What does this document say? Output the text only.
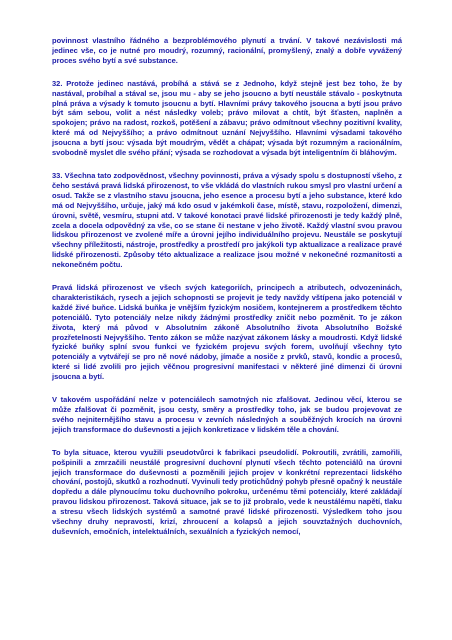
povinnost vlastního řádného a bezproblémového plynutí a trvání. V takové nezávislosti má jedinec vše, co je nutné pro moudrý, rozumný, racionální, promyšlený, znalý a dobře vyvážený proces svého bytí a své substance.

32. Protože jedinec nastává, probíhá a stává se z Jednoho, když stejně jest bez toho, že by nastával, probíhal a stával se, jsou mu - aby se jeho jsoucno a bytí neustále stávalo - poskytnuta plná práva a výsady k tomuto jsoucnu a bytí. Hlavními právy takového jsoucna a bytí jsou právo být sám sebou, volit a nést následky voleb; právo milovat a chtít, být šťasten, naplněn a spokojen; právo na radost, rozkoš, potěšení a zábavu; právo odmítnout všechny pozitivní kvality, které má od Nejvyššího; a právo odmítnout uznání Nejvyššího. Hlavními výsadami takového jsoucna a bytí jsou: výsada být moudrým, vědět a chápat; výsada být rozumným a racionálním, svobodně myslet dle svého přání; výsada se rozhodovat a výsada být inteligentním či bláhovým.

33. Všechna tato zodpovědnost, všechny povinnosti, práva a výsady spolu s dostupností všeho, z čeho sestává pravá lidská přirozenost, to vše vkládá do vlastních rukou smysl pro vlastní určení a osud. Takže se z vlastního stavu jsoucna, jeho esence a procesu bytí a jeho substance, které kdo má od Nejvyššího, určuje, jaký má kdo osud v jakémkoli čase, místě, stavu, rozpoložení, dimenzi, úrovni, světě, vesmíru, stupni atd. V takové konotaci pravé lidské přirozenosti je tedy každý plně, zcela a docela odpovědný za vše, co se stane či nestane v jeho životě. Každý vlastní svou pravou lidskou přirozenost ve zvolené míře a úrovni jejího individuálního projevu. Neustále se poskytují všechny příležitosti, nástroje, prostředky a prostředí pro jakýkoli typ aktualizace a realizace pravé lidské přirozenosti. Způsoby této aktualizace a realizace jsou možné v nekonečné rozmanitosti a nekonečném počtu.

Pravá lidská přirozenost ve všech svých kategoriích, principech a atributech, odvozeninách, charakteristikách, rysech a jejich schopnosti se projevit je tedy navždy vštípena jako potenciál v každé živé buňce. Lidská buňka je vnějším fyzickým nosičem, kontejnerem a prostředkem těchto potenciálů. Tyto potenciály nelze nikdy žádnými prostředky zničit nebo pozměnit. To je zákon života, který má původ v Absolutním zákoně Absolutního života Absolutního Božské prozřetelnosti Nejvyššího. Tento zákon se může nazývat zákonem lásky a moudrosti. Když lidské fyzické buňky splní svou funkci ve fyzickém projevu svých forem, uvolňují všechny tyto potenciály a vytvářejí se pro ně nové nádoby, jímače a nosiče z prvků, stavů, kondic a procesů, které si lidé zvolili pro jejich věčnou progresivní manifestaci v některé jiné dimenzi či úrovni jsoucna a bytí.

V takovém uspořádání nelze v potenciálech samotných nic zfalšovat. Jedinou věcí, kterou se může zfalšovat či pozměnit, jsou cesty, směry a prostředky toho, jak se budou projevovat ze svého nejniternějšího stavu a procesu v zevních následných a souběžných krocích na úrovni jejich transformace do duševnosti a jejich konkretizace v lidském těle a chování.

To byla situace, kterou využili pseudotvůrci k fabrikaci pseudolidí. Pokroutili, zvrátili, zamořili, pošpinili a zmrzačili neustálé progresivní duchovní plynutí všech těchto potenciálů na úrovni jejich transformace do duševnosti a pozměnili jejich projev v konkrétní reprezentaci lidského chování, postojů, skutků a rozhodnutí. Vyvinuli tedy protichůdný pohyb přesně opačný k neustále dopředu a dále plynoucímu toku duchovního pokroku, určenému těmi potenciály, které zakládají pravou lidskou přirozenost. Taková situace, jak se to již probralo, vede k neustálému napětí, tlaku a stresu všech lidských systémů a samotné pravé lidské přirozenosti. Výsledkem toho jsou všechny druhy nepravostí, krizí, zhroucení a kolapsů a jejich souvztažných duchovních, duševních, emočních, intelektuálních, sexuálních a fyzických nemocí,
